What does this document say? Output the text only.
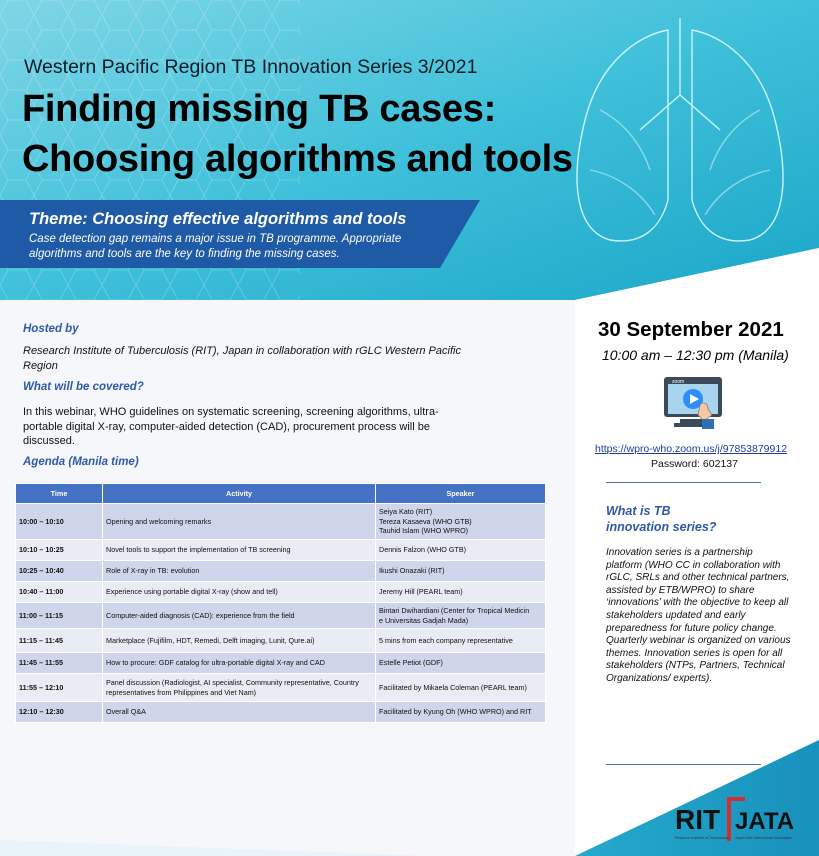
Western Pacific Region TB Innovation Series 3/2021
Finding missing TB cases:
Choosing algorithms and tools
Theme: Choosing effective algorithms and tools
Case detection gap remains a major issue in TB programme. Appropriate algorithms and tools are the key to finding the missing cases.
Hosted by
Research Institute of Tuberculosis (RIT), Japan in collaboration with rGLC Western Pacific Region
What will be covered?
In this webinar, WHO guidelines on systematic screening, screening algorithms, ultra-portable digital X-ray, computer-aided detection (CAD), procurement process will be discussed.
Agenda (Manila time)
Time	Activity	Speaker
10:00 – 10:10	Opening and welcoming remarks	Seiya Kato (RIT)
Tereza Kasaeva (WHO GTB)
Tauhid Islam (WHO WPRO)

10:10 – 10:25	Novel tools to support the implementation of TB screening	Dennis Falzon (WHO GTB)
10:25 – 10:40	Role of X-ray in TB: evolution	Ikushi Onazaki (RIT)
10:40 – 11:00	Experience using portable digital X-ray (show and tell)	Jeremy Hill (PEARL team)
11:00 – 11:15	Computer-aided diagnosis (CAD): experience from the field	Bintari Dwihardiani (Center for Tropical Medicin
e Universitas Gadjah Mada)

11:15 – 11:45	Marketplace (Fujifilm, HDT, Remedi, Delft imaging, Lunit, Qure.ai)	5 mins from each company representative
11:45 – 11:55	How to procure: GDF catalog for ultra-portable digital X-ray and CAD	Estelle Petiot (GDF)
11:55 – 12:10	Panel discussion (Radiologist, AI specialist, Community representative, Country representatives from Philippines and Viet Nam)	Facilitated by Mikaela Coleman (PEARL team)
12:10 – 12:30	Overall Q&A	Facilitated by Kyung Oh (WHO WPRO) and RIT
30 September 2021
10:00 am – 12:30 pm (Manila)
zoom
https://wpro-who.zoom.us/j/97853879912
Password: 602137
What is TB
innovation series?
Innovation series is a partnership platform (WHO CC in collaboration with rGLC, SRLs and other technical partners, assisted by ETB/WPRO) to share ‘innovations’ with the objective to keep all stakeholders updated and early preparedness for future policy change. Quarterly webinar is organized on various themes. Innovation series is open for all stakeholders (NTPs, Partners, Technical Organizations/ experts).
RIT JATA
Research Institute of Tuberculosis Japan Anti-Tuberculosis Association
